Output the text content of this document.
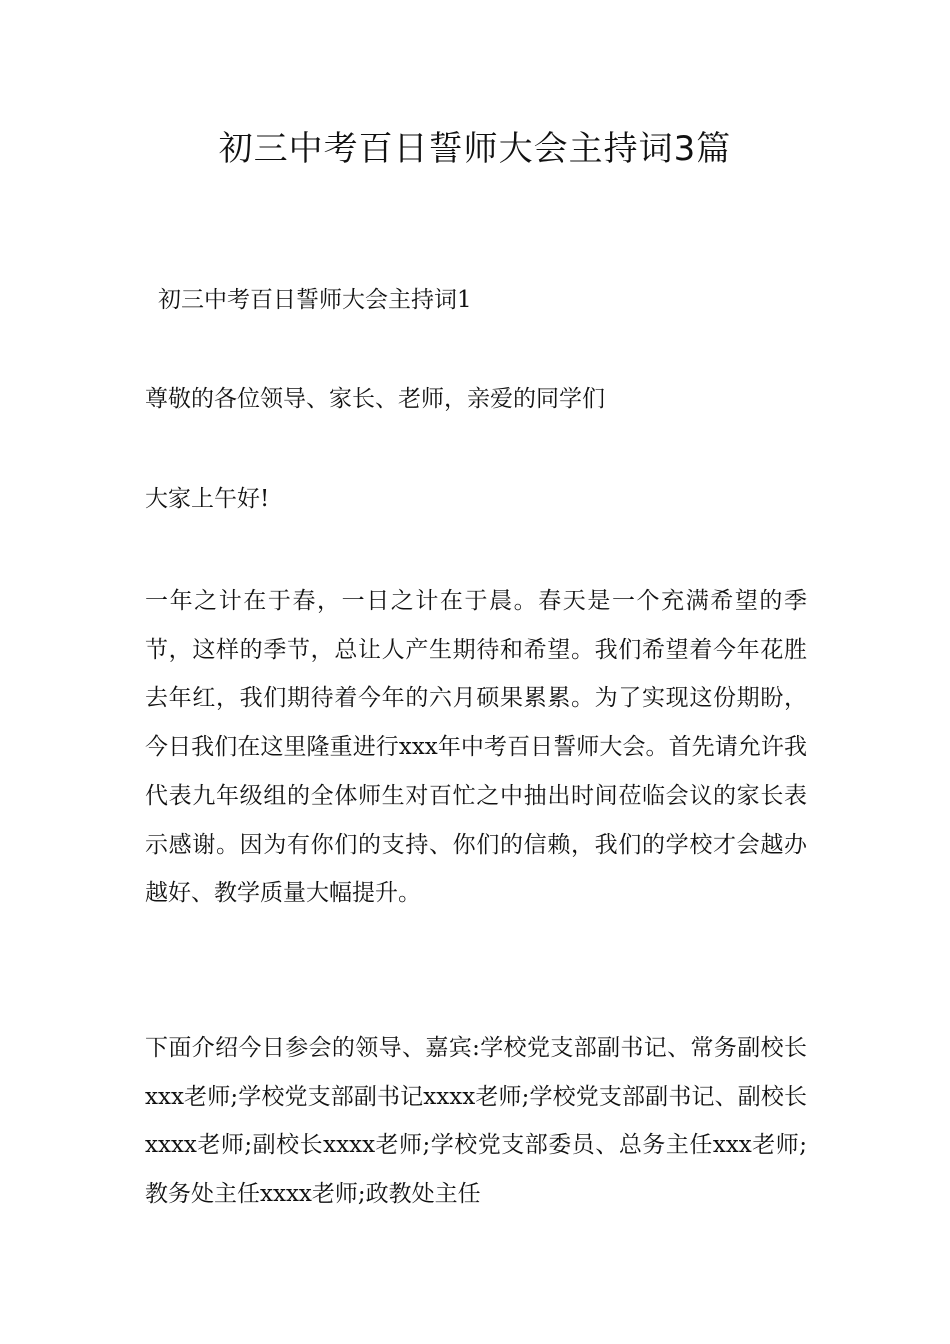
初三中考百日誓师大会主持词3篇
初三中考百日誓师大会主持词1

尊敬的各位领导、家长、老师，亲爱的同学们

大家上午好!

一年之计在于春，一日之计在于晨。春天是一个充满希望的季节，这样的季节，总让人产生期待和希望。我们希望着今年花胜去年红，我们期待着今年的六月硕果累累。为了实现这份期盼，今日我们在这里隆重进行xxx年中考百日誓师大会。首先请允许我代表九年级组的全体师生对百忙之中抽出时间莅临会议的家长表示感谢。因为有你们的支持、你们的信赖，我们的学校才会越办越好、教学质量大幅提升。

下面介绍今日参会的领导、嘉宾:学校党支部副书记、常务副校长xxx老师;学校党支部副书记xxxx老师;学校党支部副书记、副校长xxxx老师;副校长xxxx老师;学校党支部委员、总务主任xxx老师;教务处主任xxxx老师;政教处主任
